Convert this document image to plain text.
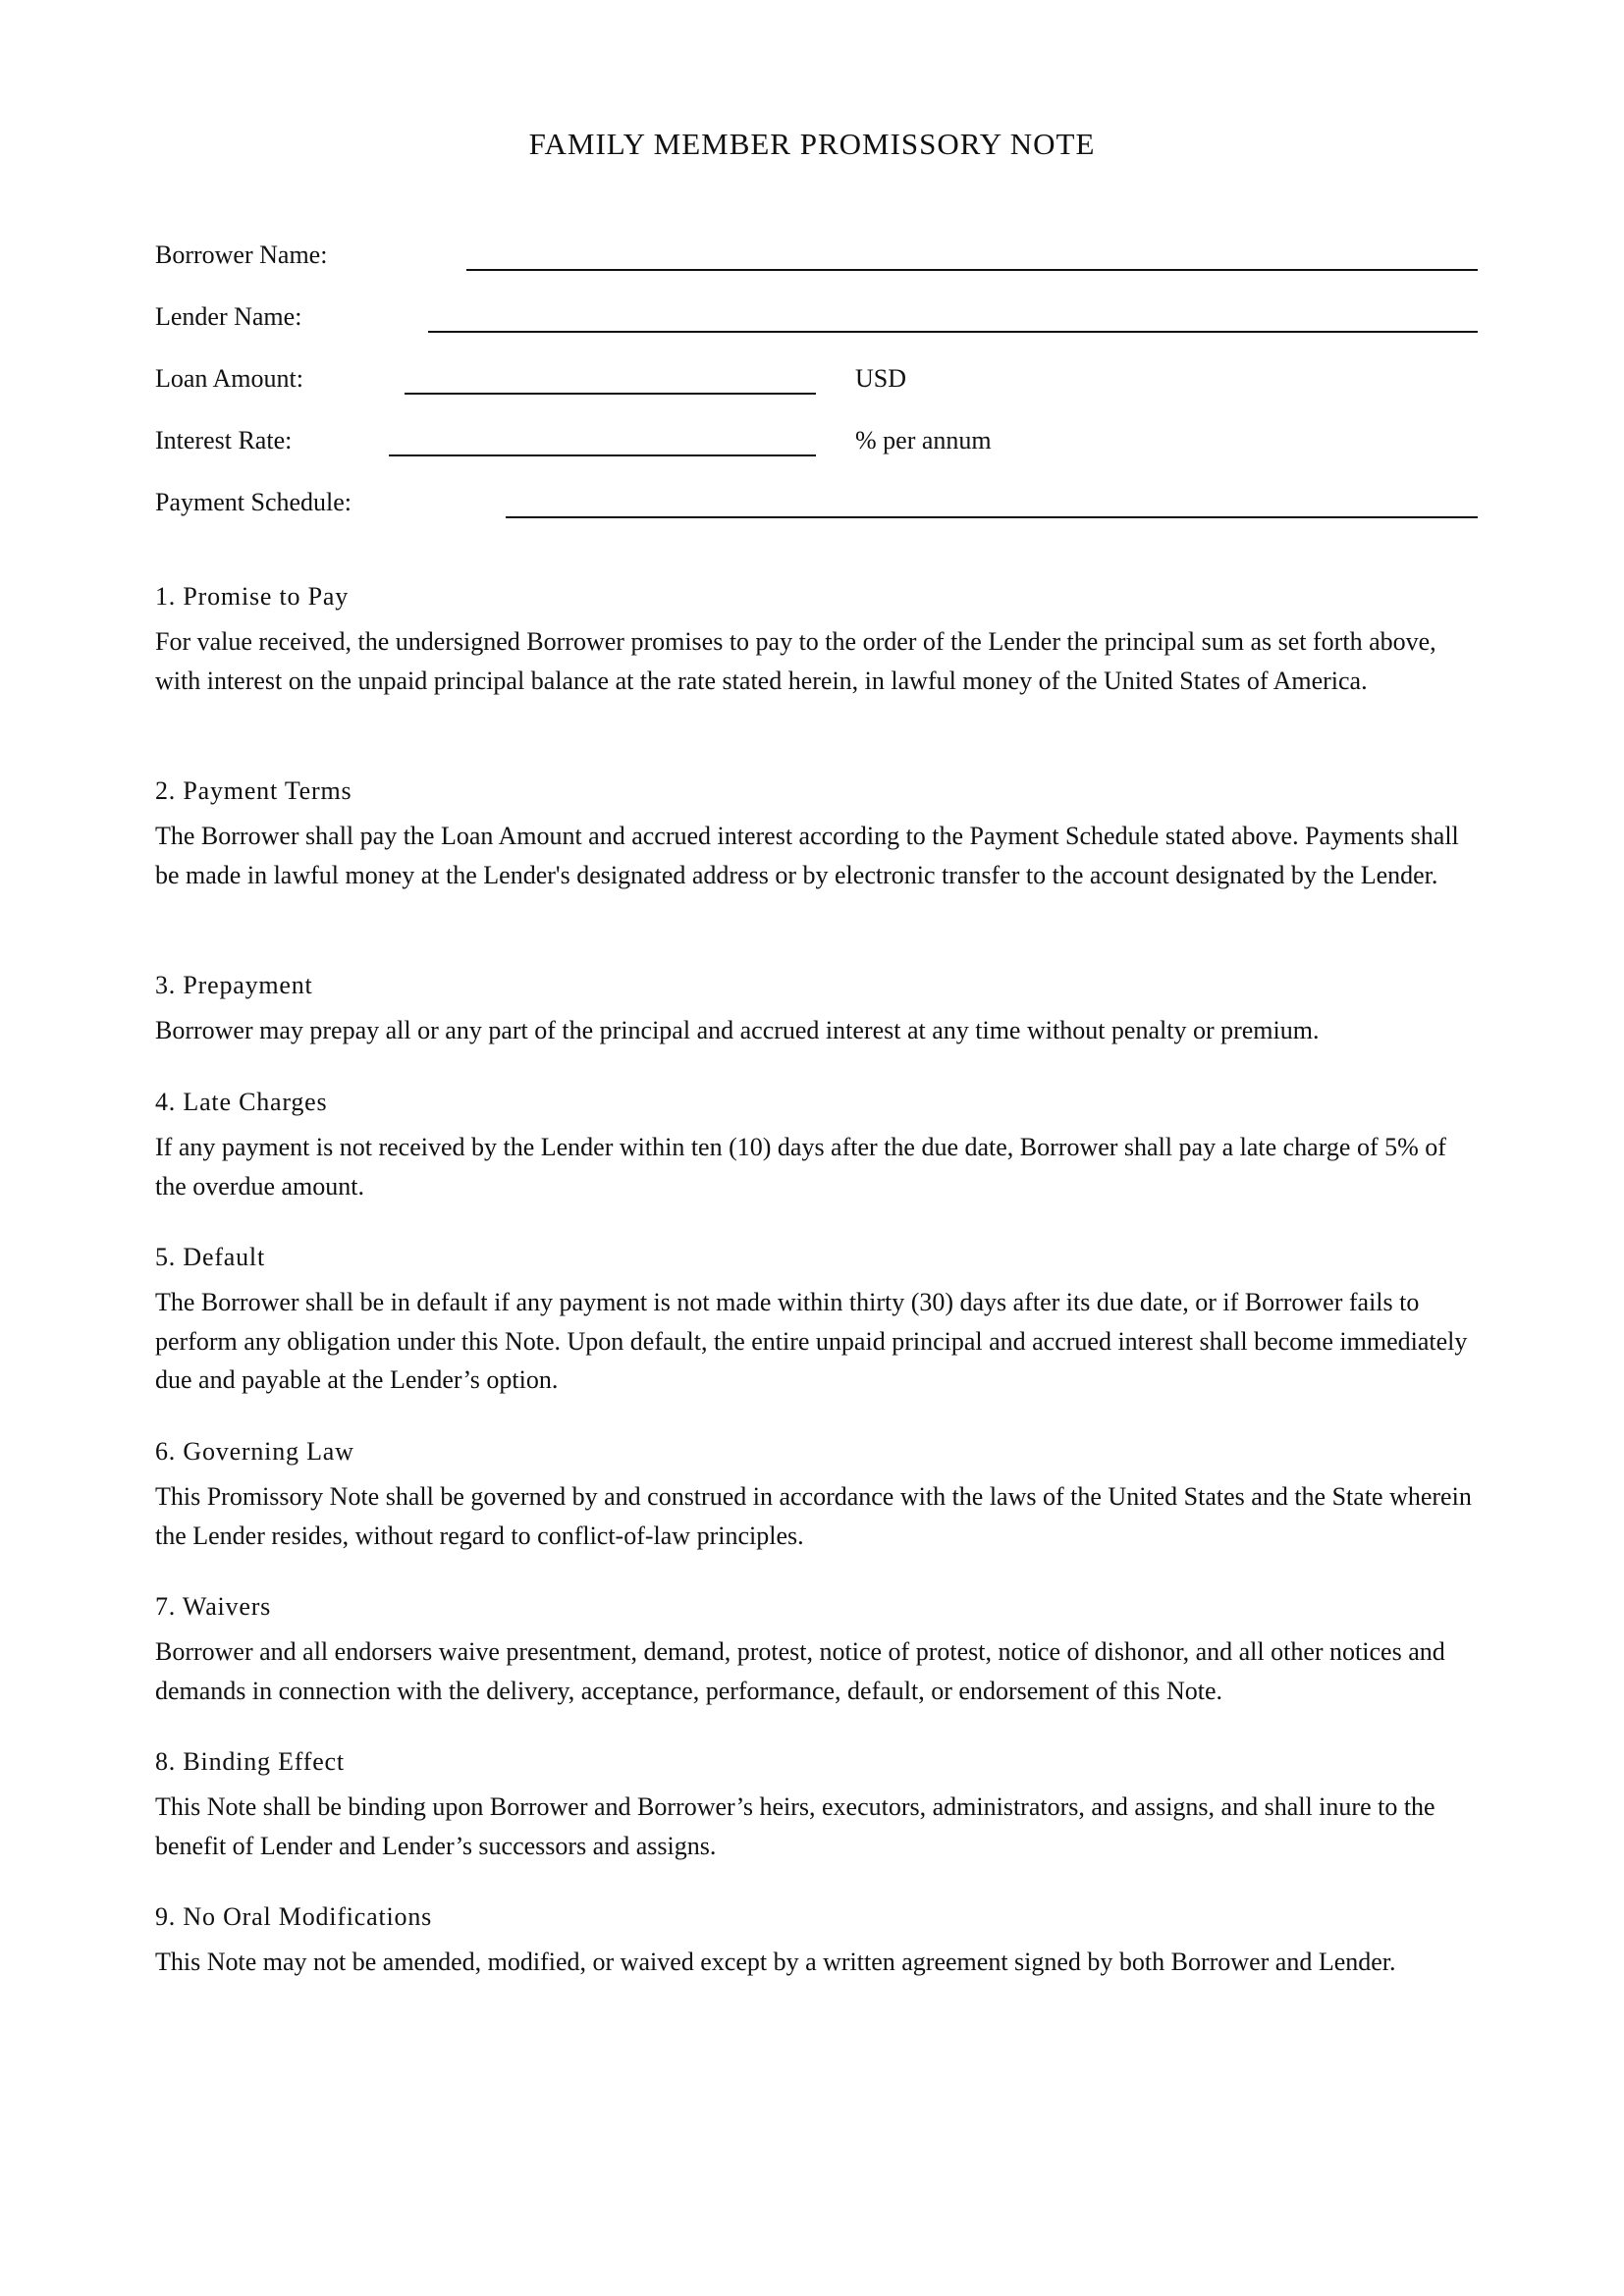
FAMILY MEMBER PROMISSORY NOTE
Borrower Name:
Lender Name:
Loan Amount:	USD
Interest Rate:	% per annum
Payment Schedule:
1. Promise to Pay

For value received, the undersigned Borrower promises to pay to the order of the Lender the principal sum as set forth above, with interest on the unpaid principal balance at the rate stated herein, in lawful money of the United States of America.

2. Payment Terms

The Borrower shall pay the Loan Amount and accrued interest according to the Payment Schedule stated above. Payments shall be made in lawful money at the Lender's designated address or by electronic transfer to the account designated by the Lender.

3. Prepayment

Borrower may prepay all or any part of the principal and accrued interest at any time without penalty or premium.

4. Late Charges

If any payment is not received by the Lender within ten (10) days after the due date, Borrower shall pay a late charge of 5% of the overdue amount.

5. Default

The Borrower shall be in default if any payment is not made within thirty (30) days after its due date, or if Borrower fails to perform any obligation under this Note. Upon default, the entire unpaid principal and accrued interest shall become immediately due and payable at the Lender’s option.

6. Governing Law

This Promissory Note shall be governed by and construed in accordance with the laws of the United States and the State wherein the Lender resides, without regard to conflict-of-law principles.

7. Waivers

Borrower and all endorsers waive presentment, demand, protest, notice of protest, notice of dishonor, and all other notices and demands in connection with the delivery, acceptance, performance, default, or endorsement of this Note.

8. Binding Effect

This Note shall be binding upon Borrower and Borrower’s heirs, executors, administrators, and assigns, and shall inure to the benefit of Lender and Lender’s successors and assigns.

9. No Oral Modifications

This Note may not be amended, modified, or waived except by a written agreement signed by both Borrower and Lender.
